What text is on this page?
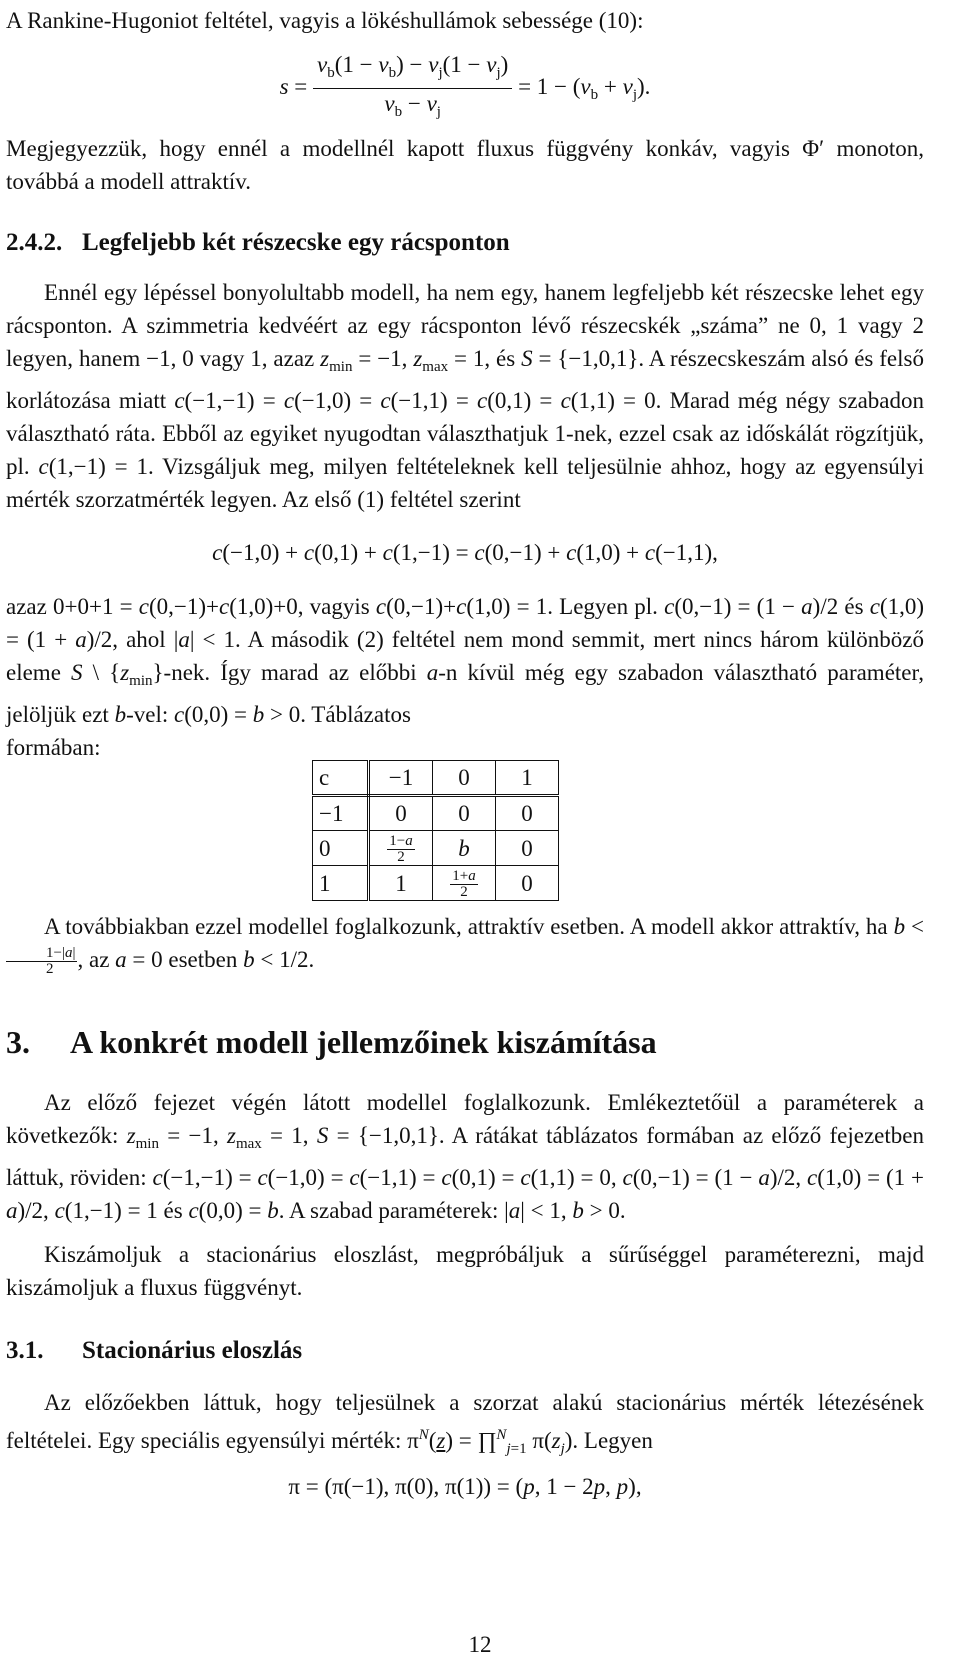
A Rankine-Hugoniot feltétel, vagyis a lökéshullámok sebessége (10):

$s = \frac{v_b(1 - v_b) - v_j(1 - v_j)}{v_b - v_j} = 1 - (v_b + v_j)$.

Megjegyezzük, hogy ennél a modellnél kapott fluxus függvény konkáv, vagyis Φ′ monoton, továbbá a modell attraktív.

2.4.2. Legfeljebb két részecske egy rácsponton

Ennél egy lépéssel bonyolultabb modell, ha nem egy, hanem legfeljebb két részecske lehet egy rácsponton. A szimmetria kedvéért az egy rácsponton lévő részecskék „száma” ne 0, 1 vagy 2 legyen, hanem −1, 0 vagy 1, azaz $z_{min} = -1$, $z_{max} = 1$, és S = {−1,0,1}. A részecskeszám alsó és felső korlátozása miatt c(−1,−1) = c(−1,0) = c(−1,1) = c(0,1) = c(1,1) = 0. Marad még négy szabadon választható ráta. Ebből az egyiket nyugodtan választhatjuk 1-nek, ezzel csak az időskálát rögzítjük, pl. c(1,−1) = 1. Vizsgáljuk meg, milyen feltételeknek kell teljesülnie ahhoz, hogy az egyensúlyi mérték szorzatmérték legyen. Az első (1) feltétel szerint

c(−1,0) + c(0,1) + c(1,−1) = c(0,−1) + c(1,0) + c(−1,1),

azaz 0+0+1 = c(0,−1)+c(1,0)+0, vagyis c(0,−1)+c(1,0) = 1. Legyen pl. c(0,−1) = (1 − a)/2 és c(1,0) = (1 + a)/2, ahol |a| < 1. A második (2) feltétel nem mond semmit, mert nincs három különböző eleme S \ $\{z_{min}\}$-nek. Így marad az előbbi a-n kívül még egy szabadon választható paraméter, jelöljük ezt b-vel: c(0,0) = b > 0. Táblázatos
formában:

c	−1	0	1
−1	0	0	0
0	$\frac{1-a}{2}$	b	0
1	1	$\frac{1+a}{2}$	0

A továbbiakban ezzel modellel foglalkozunk, attraktív esetben. A modell akkor attraktív, ha b <
$\frac{1-|a|}{2}$ , az a = 0 esetben b < 1/2.

3. A konkrét modell jellemzőinek kiszámítása

Az előző fejezet végén látott modellel foglalkozunk. Emlékeztetőül a paraméterek a következők: $z_{min} = -1$, $z_{max} = 1$, S = {−1,0,1}. A rátákat táblázatos formában az előző fejezetben láttuk, röviden: c(−1,−1) = c(−1,0) = c(−1,1) = c(0,1) = c(1,1) = 0, c(0,−1) = (1 − a)/2, c(1,0) = (1 + a)/2, c(1,−1) = 1 és c(0,0) = b. A szabad paraméterek: |a| < 1, b > 0.

Kiszámoljuk a stacionárius eloszlást, megpróbáljuk a sűrűséggel paraméterezni, majd kiszámoljuk a fluxus függvényt.

3.1. Stacionárius eloszlás

Az előzőekben láttuk, hogy teljesülnek a szorzat alakú stacionárius mérték létezésének feltételei. Egy speciális egyensúlyi mérték: $\pi^N(z)$ = ∏$^N_{j=1}$ $\pi(z_j)$. Legyen

π = (π(−1), π(0), π(1)) = (p, 1 − 2p, p),
12
